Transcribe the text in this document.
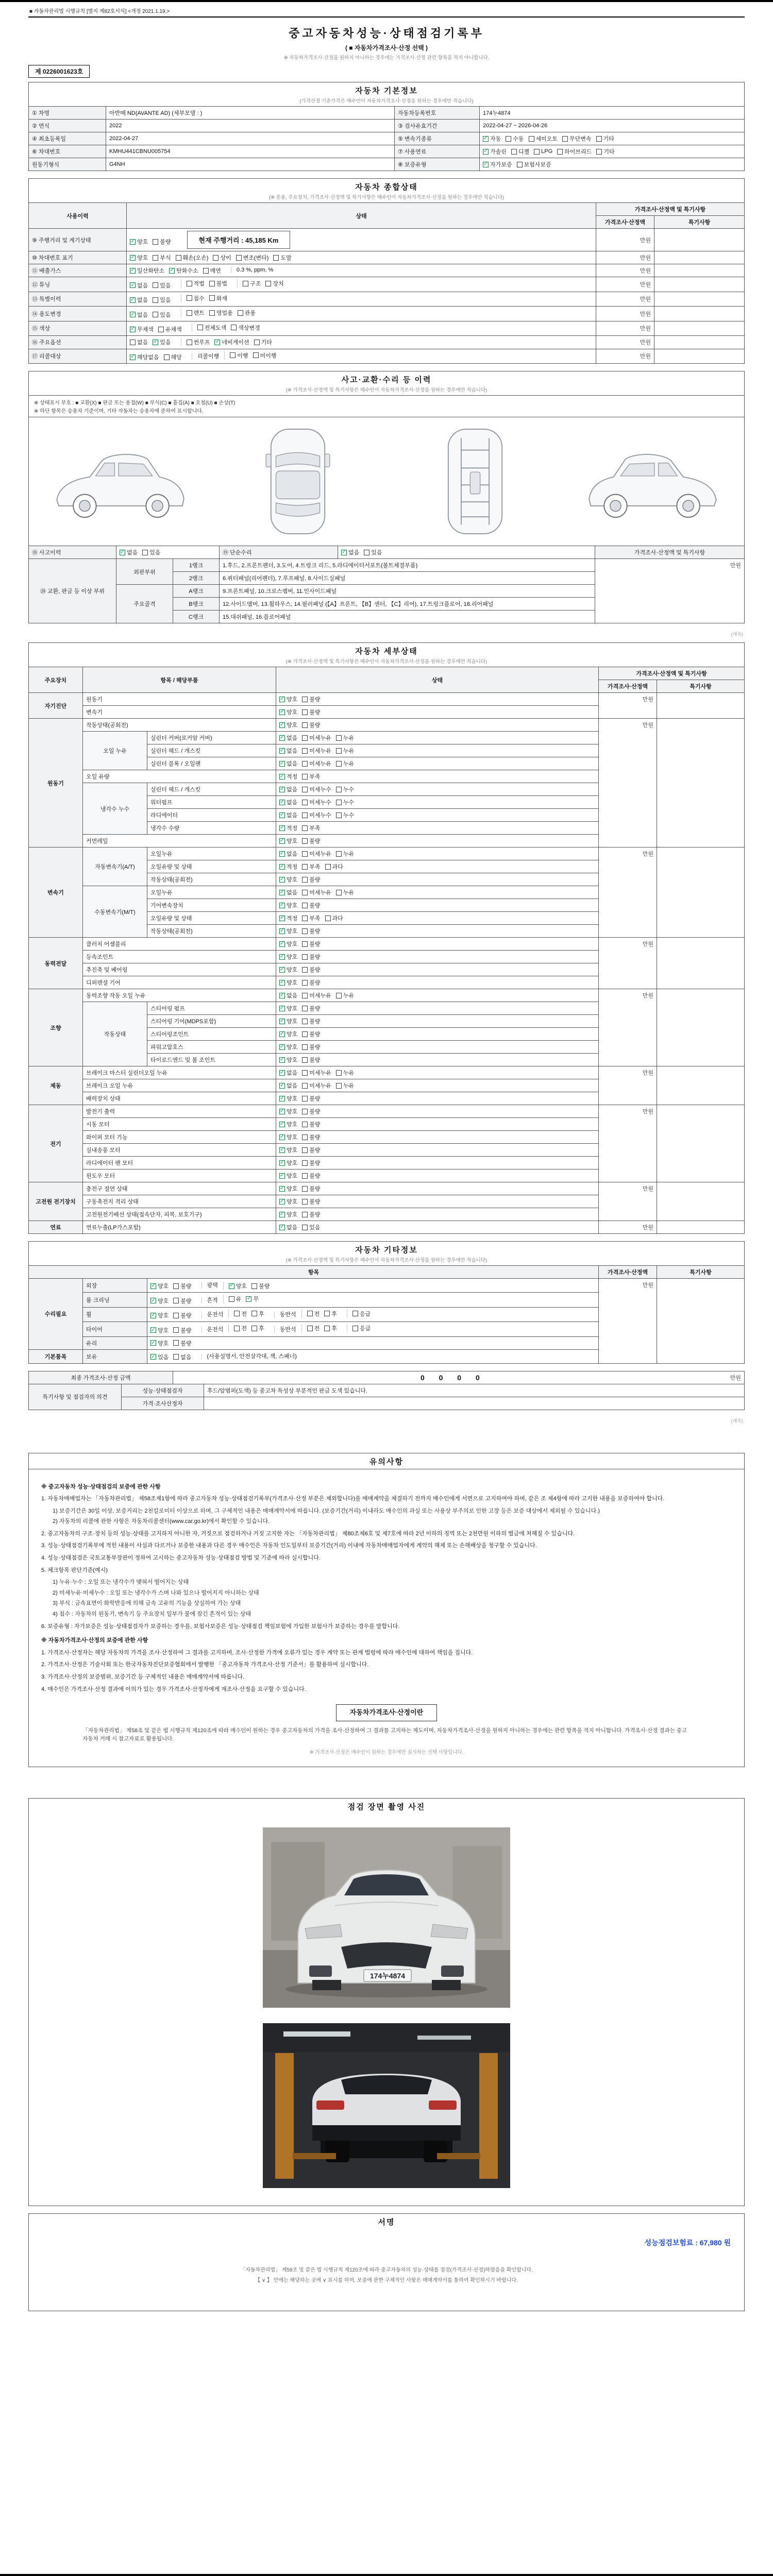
■ 자동차관리법 시행규칙 [별지 제82호서식] <개정 2021.1.19.>
중고자동차성능·상태점검기록부
( ■ 자동차가격조사·산정 선택 )
※ 자동차가격조사·산정을 원하지 아니하는 경우에는 가격조사·산정 관련 항목을 적지 아니합니다.
제 0226001623호
자동차 기본정보
(가격산정 기준가격은 매수인이 자동차가격조사·산정을 원하는 경우에만 적습니다)
① 차명	아반떼 ND(AVANTE AD) (세부모델 : )	자동차등록번호	174누4874
② 연식	2022	③ 검사유효기간	2022-04-27 ~ 2026-04-26
④ 최초등록일	2022-04-27	⑤ 변속기종류	✓ 자동 수동 세미오토 무단변속 기타

⑥ 차대번호	KMHU441CBNU005754	⑦ 사용연료	✓ 가솔린 디젤 LPG 하이브리드 기타

원동기형식	G4NH	⑧ 보증유형	✓ 자가보증 보험사보증
자동차 종합상태
(※ 운용, 주요장치, 가격조사·산정액 및 특기사항은 매수인이 자동차가격조사·산정을 원하는 경우에만 적습니다)
사용이력	상태	가격조사·산정액 및 특기사항	
		가격조사·산정액	특기사항
⑨ 주행거리 및 계기상태	✓ 양호 불량 현재 주행거리 : 45,185 Km	만원	
⑩ 차대번호 표기	✓ 양호 부식 훼손(오손) 상이 변조(변타) 도말	만원	
⑪ 배출가스	✓ 일산화탄소 ✓ 탄화수소 매연	0.3 %, ppm, %	만원	
⑫ 튜닝	✓ 없음 있음	적법 불법	구조 장치	만원	
⑬ 특별이력	✓ 없음 있음 침수 화재	만원	
⑭ 용도변경	✓ 없음 있음	렌트 영업용 관용	만원	
⑮ 색상	✓ 무채색 유채색 전체도색 색상변경	만원	
⑯ 주요옵션	없음 ✓ 있음	썬루프 ✓ 네비게이션 기타	만원	
⑰ 리콜대상	✓ 해당없음 해당	리콜이행	이행 미이행	만원	
사고·교환·수리 등 이력
(※ 가격조사·산정액 및 특기사항은 매수인이 자동차가격조사·산정을 원하는 경우에만 적습니다)
※ 상태표시 부호 : ■ 교환(X) ■ 판금 또는 용접(W) ■ 부식(C) ■ 흠집(A) ■ 요철(U) ■ 손상(T)
※ 하단 항목은 승용차 기준이며, 기타 자동차는 승용차에 준하여 표시합니다.
⑱ 사고이력	✓ 없음 있음		⑲ 단순수리	✓ 없음 있음	가격조사·산정액 및 특기사항
⑳ 교환, 판금 등 이상 부위	외판부위	1랭크	1.후드, 2.프론트펜더, 3.도어, 4.트렁크 리드, 5.라디에이터서포트(볼트체결부품)		만원
		2랭크	6.쿼터패널(리어펜더), 7.루프패널, 8.사이드실패널		
	주요골격	A랭크	9.프론트패널, 10.크로스멤버, 11.인사이드패널		
		B랭크	12.사이드멤버, 13.휠하우스, 14.필러패널 (【A】프론트, 【B】센터, 【C】리어), 17.트렁크플로어, 18.리어패널		
		C랭크	15.대쉬패널, 16.플로어패널		
(계속)
자동차 세부상태
(※ 가격조사·산정액 및 특기사항은 매수인이 자동차가격조사·산정을 원하는 경우에만 적습니다)
주요장치	항목 / 해당부품		상태	가격조사·산정액 및 특기사항	
				가격조사·산정액	특기사항
자기진단	원동기		✓ 양호 불량	만원	
	변속기		✓ 양호 불량		

원동기	작동상태(공회전)		✓ 양호 불량	만원	
	오일 누유	실린더 커버(로커암 커버)	✓ 없음 미세누유 누유		

		실린더 헤드 / 개스킷	✓ 없음 미세누유 누유		

		실린더 블록 / 오일팬	✓ 없음 미세누유 누유		

	오일 유량		✓ 적정 부족		

	냉각수 누수	실린더 헤드 / 개스킷	✓ 없음 미세누수 누수		

		워터펌프	✓ 없음 미세누수 누수		

		라디에이터	✓ 없음 미세누수 누수		

		냉각수 수량	✓ 적정 부족		

	커먼레일		✓ 양호 불량		

변속기	자동변속기(A/T)	오일누유	✓ 없음 미세누유 누유	만원	
		오일유량 및 상태	✓ 적정 부족 과다		

		작동상태(공회전)	✓ 양호 불량		

	수동변속기(M/T)	오일누유	✓ 없음 미세누유 누유		

		기어변속장치	✓ 양호 불량		

		오일유량 및 상태	✓ 적정 부족 과다		

		작동상태(공회전)	✓ 양호 불량		

동력전달	클러치 어셈블리		✓ 양호 불량	만원	
	등속조인트		✓ 양호 불량		

	추진축 및 베어링		✓ 양호 불량		

	디퍼렌셜 기어		✓ 양호 불량		

조향	동력조향 작동 오일 누유		✓ 없음 미세누유 누유	만원	
	작동상태	스티어링 펌프	✓ 양호 불량		

		스티어링 기어(MDPS포함)	✓ 양호 불량		

		스티어링조인트	✓ 양호 불량		

		파워고압호스	✓ 양호 불량		

		타이로드엔드 및 볼 조인트	✓ 양호 불량		

제동	브레이크 마스터 실린더오일 누유		✓ 없음 미세누유 누유	만원	
	브레이크 오일 누유		✓ 없음 미세누유 누유		

	배력장치 상태		✓ 양호 불량		

전기	발전기 출력		✓ 양호 불량	만원	
	시동 모터		✓ 양호 불량		

	와이퍼 모터 기능		✓ 양호 불량		

	실내송풍 모터		✓ 양호 불량		

	라디에이터 팬 모터		✓ 양호 불량		

	윈도우 모터		✓ 양호 불량		

고전원 전기장치	충전구 절연 상태		✓ 양호 불량	만원	
	구동축전지 격리 상태		✓ 양호 불량		

	고전원전기배선 상태(접속단자, 피복, 보호기구)		✓ 양호 불량		

연료	연료누출(LP가스포함)		✓ 없음 있음	만원	
자동차 기타정보
(※ 가격조사·산정액 및 특기사항은 매수인이 자동차가격조사·산정을 원하는 경우에만 적습니다)
항목			가격조사·산정액	특기사항
수리필요	외장	✓ 양호 불량	광택 ✓ 양호 불량	만원	
룸 크리닝	✓ 양호 불량	흔적	유 ✓ 무

휠	✓ 양호 불량	운전석	전 후	동반석	전 후	응급

타이어	✓ 양호 불량	운전석	전 후	동반석	전 후	응급

	유리	✓ 양호 불량		

기본품목	보유	✓ 있음 없음 (사용설명서, 안전삼각대, 잭, 스패너)		
최종 가격조사·산정 금액	0 0 0 0	만원
특기사항 및 점검자의 의견	성능·상태점검자	후드/앞범퍼(도색) 등 중고차 특성상 부분적인 판금 도색 있습니다.
	가격·조사산정자	
(계속)
유의사항
※ 중고자동차 성능·상태점검의 보증에 관한 사항
1. 자동차매매업자는 「자동차관리법」 제58조제1항에 따라 중고자동차 성능·상태점검기록부(가격조사·산정 부분은 제외합니다)를 매매계약을 체결하기 전까지 매수인에게 서면으로 고지하여야 하며, 같은 조 제4항에 따라 고지한 내용을 보증하여야 합니다.
1) 보증기간은 30일 이상, 보증거리는 2천킬로미터 이상으로 하며, 그 구체적인 내용은 매매계약서에 따릅니다. (보증기간(거리) 이내라도 매수인의 과실 또는 사용상 부주의로 인한 고장 등은 보증 대상에서 제외될 수 있습니다.)
2) 자동차의 리콜에 관한 사항은 자동차리콜센터(www.car.go.kr)에서 확인할 수 있습니다.
2. 중고자동차의 구조·장치 등의 성능·상태를 고지하지 아니한 자, 거짓으로 점검하거나 거짓 고지한 자는 「자동차관리법」 제80조제6호 및 제7호에 따라 2년 이하의 징역 또는 2천만원 이하의 벌금에 처해질 수 있습니다.
3. 성능·상태점검기록부에 적힌 내용이 사실과 다르거나 보증한 내용과 다른 경우 매수인은 자동차 인도일부터 보증기간(거리) 이내에 자동차매매업자에게 계약의 해제 또는 손해배상을 청구할 수 있습니다.
4. 성능·상태점검은 국토교통부장관이 정하여 고시하는 중고자동차 성능·상태점검 방법 및 기준에 따라 실시합니다.
5. 체크항목 판단기준(예시)
1) 누유·누수 : 오일 또는 냉각수가 맺혀서 떨어지는 상태
2) 미세누유·미세누수 : 오일 또는 냉각수가 스며 나와 있으나 떨어지지 아니하는 상태
3) 부식 : 금속표면이 화학반응에 의해 금속 고유의 기능을 상실하여 가는 상태
4) 침수 : 자동차의 원동기, 변속기 등 주요장치 일부가 물에 잠긴 흔적이 있는 상태
6. 보증유형 : 자가보증은 성능·상태점검자가 보증하는 경우를, 보험사보증은 성능·상태점검 책임보험에 가입한 보험사가 보증하는 경우를 말합니다.
※ 자동차가격조사·산정의 보증에 관한 사항
1. 가격조사·산정자는 해당 자동차의 가격을 조사·산정하여 그 결과를 고지하며, 조사·산정한 가격에 오류가 있는 경우 계약 또는 관계 법령에 따라 매수인에 대하여 책임을 집니다.
2. 가격조사·산정은 기술사회 또는 한국자동차진단보증협회에서 발행한 「중고자동차 가격조사·산정 기준서」를 활용하여 실시합니다.
3. 가격조사·산정의 보증범위, 보증기간 등 구체적인 내용은 매매계약서에 따릅니다.
4. 매수인은 가격조사·산정 결과에 이의가 있는 경우 가격조사·산정자에게 재조사·산정을 요구할 수 있습니다.
자동차가격조사·산정이란
「자동차관리법」 제58조 및 같은 법 시행규칙 제120조에 따라 매수인이 원하는 경우 중고자동차의 가격을 조사·산정하여 그 결과를 고지하는 제도이며, 자동차가격조사·산정을 원하지 아니하는 경우에는 관련 항목을 적지 아니합니다. 가격조사·산정 결과는 중고자동차 거래 시 참고자료로 활용됩니다.
※ 가격조사·산정은 매수인이 원하는 경우에만 실시하는 선택 사항입니다.
점검 장면 촬영 사진
174누4874
서명
성능점검보험료 : 67,980 원
「자동차관리법」 제58조 및 같은 법 시행규칙 제120조에 따라 중고자동차의 성능·상태를 점검(가격조사·산정)하였음을 확인합니다.
【 ∨ 】 안에는 해당하는 곳에 ∨ 표시를 하며, 보증에 관한 구체적인 사항은 매매계약서를 통하여 확인하시기 바랍니다.
